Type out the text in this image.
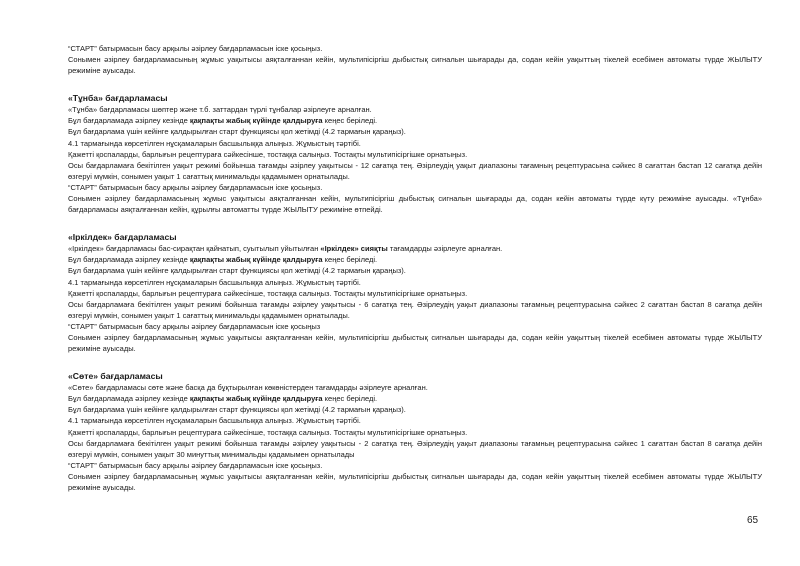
“СТАРТ” батырмасын басу арқылы әзірлеу бағдарламасын іске қосыңыз.

Сонымен әзірлеу бағдарламасының жұмыс уақытысы аяқталғаннан кейін, мультипісіргіш дыбыстық сигналын шығарады да, содан кейін уақыттың тікелей есебімен автоматы түрде ЖЫЛЫТУ режиміне ауысады.

«Тұнба» бағдарламасы

«Тұнба» бағдарламасы шөптер және т.б. заттардан түрлі тұнбалар әзірлеуге арналған.

Бұл бағдарламада әзірлеу кезінде қақпақты жабық күйінде қалдыруға кеңес беріледі.

Бұл бағдарлама үшін кейінге қалдырылған старт функциясы қол жетімді (4.2 тармағын қараңыз).

4.1 тармағында көрсетілген нұсқамаларын басшылыққа алыңыз. Жұмыстың тәртібі.

Қажетті қоспаларды, барлығын рецептураға сәйкесінше, тостаққа салыңыз. Тостақты мультипісіргішке орнатыңыз.

Осы бағдарламаға бекітілген уақыт режимі бойынша тағамды әзірлеу уақытысы - 12 сағатқа тең. Әзірлеудің уақыт диапазоны тағамның рецептурасына сәйкес 8 сағаттан бастап 12 сағатқа дейін өзгеруі мүмкін, сонымен уақыт 1 сағаттық минимальды қадамымен орнатылады.

“СТАРТ” батырмасын басу арқылы әзірлеу бағдарламасын іске қосыңыз.

Сонымен әзірлеу бағдарламасының жұмыс уақытысы аяқталғаннан кейін, мультипісіргіш дыбыстық сигналын шығарады да, содан кейін автоматы түрде күту режиміне ауысады. «Тұнба» бағдарламасы аяқталғаннан кейін, құрылғы автоматты түрде ЖЫЛЫТУ режиміне өтпейді.

«Іркілдек» бағдарламасы

«Іркілдек» бағдарламасы бас-сирақтан қайнатып, суытылып уйытылған «Іркілдек» сияқты тағамдарды әзірлеуге арналған.

Бұл бағдарламада әзірлеу кезінде қақпақты жабық күйінде қалдыруға кеңес беріледі.

Бұл бағдарлама үшін кейінге қалдырылған старт функциясы қол жетімді (4.2 тармағын қараңыз).

4.1 тармағында көрсетілген нұсқамаларын басшылыққа алыңыз. Жұмыстың тәртібі.

Қажетті қоспаларды, барлығын рецептураға сәйкесінше, тостаққа салыңыз. Тостақты мультипісіргішке орнатыңыз.

Осы бағдарламаға бекітілген уақыт режимі бойынша тағамды әзірлеу уақытысы - 6 сағатқа тең. Әзірлеудің уақыт диапазоны тағамның рецептурасына сәйкес 2 сағаттан бастап 8 сағатқа дейін өзгеруі мүмкін, сонымен уақыт 1 сағаттық минимальды қадамымен орнатылады.

“СТАРТ” батырмасын басу арқылы әзірлеу бағдарламасын іске қосыңыз

Сонымен әзірлеу бағдарламасының жұмыс уақытысы аяқталғаннан кейін, мультипісіргіш дыбыстық сигналын шығарады да, содан кейін уақыттың тікелей есебімен автоматы түрде ЖЫЛЫТУ режиміне ауысады.

«Сөте» бағдарламасы

«Сөте» бағдарламасы сөте және басқа да бұқтырылған көкөністерден тағамдарды әзірлеуге арналған.

Бұл бағдарламада әзірлеу кезінде қақпақты жабық күйінде қалдыруға кеңес беріледі.

Бұл бағдарлама үшін кейінге қалдырылған старт функциясы қол жетімді (4.2 тармағын қараңыз).

4.1 тармағында көрсетілген нұсқамаларын басшылыққа алыңыз. Жұмыстың тәртібі.

Қажетті қоспаларды, барлығын рецептураға сәйкесінше, тостаққа салыңыз. Тостақты мультипісіргішке орнатыңыз.

Осы бағдарламаға бекітілген уақыт режимі бойынша тағамды әзірлеу уақытысы - 2 сағатқа тең. Әзірлеудің уақыт диапазоны тағамның рецептурасына сәйкес 1 сағаттан бастап 8 сағатқа дейін өзгеруі мүмкін, сонымен уақыт 30 минуттық минимальды қадамымен орнатылады

“СТАРТ” батырмасын басу арқылы әзірлеу бағдарламасын іске қосыңыз.

Сонымен әзірлеу бағдарламасының жұмыс уақытысы аяқталғаннан кейін, мультипісіргіш дыбыстық сигналын шығарады да, содан кейін уақыттың тікелей есебімен автоматы түрде ЖЫЛЫТУ режиміне ауысады.

65
